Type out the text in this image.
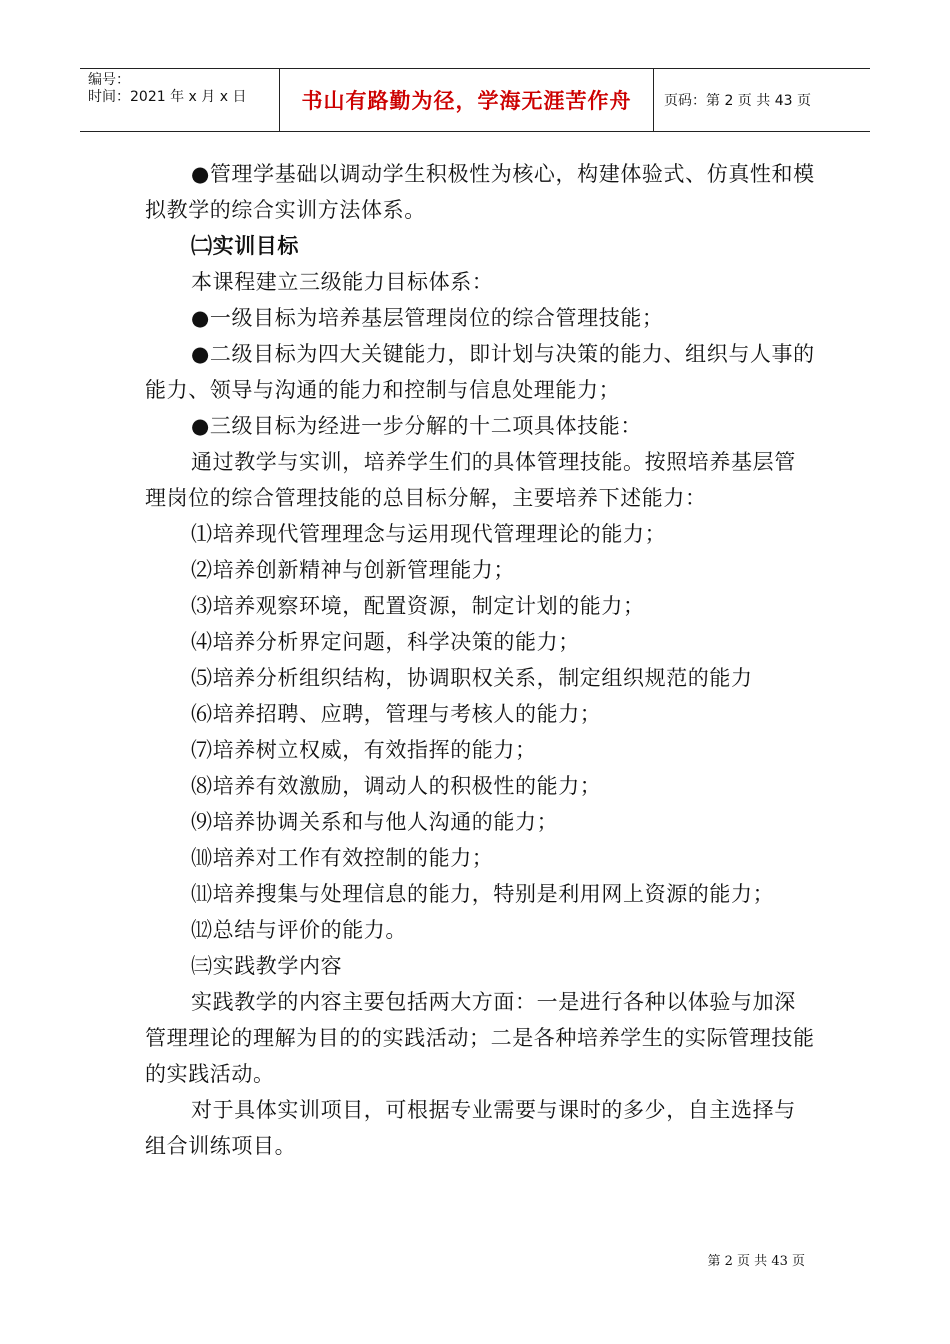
编号：
时间：2021 年 x 月 x 日	书山有路勤为径，学海无涯苦作舟	页码：第 2 页 共 43 页

●管理学基础以调动学生积极性为核心，构建体验式、仿真性和模拟教学的综合实训方法体系。

㈡实训目标

本课程建立三级能力目标体系：

●一级目标为培养基层管理岗位的综合管理技能；

●二级目标为四大关键能力，即计划与决策的能力、组织与人事的能力、领导与沟通的能力和控制与信息处理能力；

●三级目标为经进一步分解的十二项具体技能：

通过教学与实训，培养学生们的具体管理技能。按照培养基层管理岗位的综合管理技能的总目标分解，主要培养下述能力：

⑴培养现代管理理念与运用现代管理理论的能力；

⑵培养创新精神与创新管理能力；

⑶培养观察环境，配置资源，制定计划的能力；

⑷培养分析界定问题，科学决策的能力；

⑸培养分析组织结构，协调职权关系，制定组织规范的能力

⑹培养招聘、应聘，管理与考核人的能力；

⑺培养树立权威，有效指挥的能力；

⑻培养有效激励，调动人的积极性的能力；

⑼培养协调关系和与他人沟通的能力；

⑽培养对工作有效控制的能力；

⑾培养搜集与处理信息的能力，特别是利用网上资源的能力；

⑿总结与评价的能力。

㈢实践教学内容

实践教学的内容主要包括两大方面：一是进行各种以体验与加深管理理论的理解为目的的实践活动；二是各种培养学生的实际管理技能的实践活动。

对于具体实训项目，可根据专业需要与课时的多少，自主选择与组合训练项目。

第 2 页 共 43 页
